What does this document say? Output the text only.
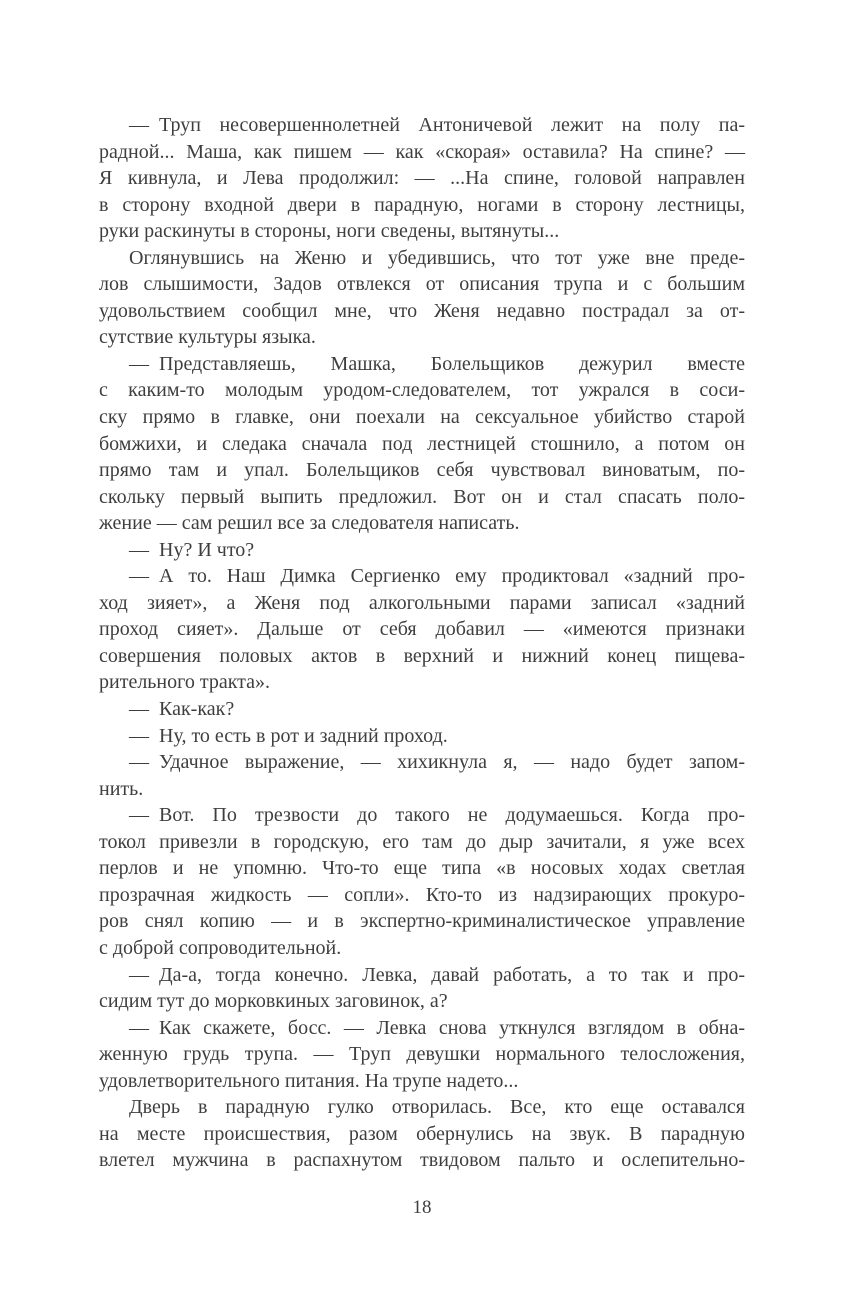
— Труп несовершеннолетней Антоничевой лежит на полу па-
радной... Маша, как пишем — как «скорая» оставила? На спине? —
Я кивнула, и Лева продолжил: — ...На спине, головой направлен
в сторону входной двери в парадную, ногами в сторону лестницы,
руки раскинуты в стороны, ноги сведены, вытянуты...
Оглянувшись на Женю и убедившись, что тот уже вне преде-
лов слышимости, Задов отвлекся от описания трупа и с большим
удовольствием сообщил мне, что Женя недавно пострадал за от-
сутствие культуры языка.
— Представляешь, Машка, Болельщиков дежурил вместе
с каким-то молодым уродом-следователем, тот ужрался в соси-
ску прямо в главке, они поехали на сексуальное убийство старой
бомжихи, и следака сначала под лестницей стошнило, а потом он
прямо там и упал. Болельщиков себя чувствовал виноватым, по-
скольку первый выпить предложил. Вот он и стал спасать поло-
жение — сам решил все за следователя написать.
— Ну? И что?
— А то. Наш Димка Сергиенко ему продиктовал «задний про-
ход зияет», а Женя под алкогольными парами записал «задний
проход сияет». Дальше от себя добавил — «имеются признаки
совершения половых актов в верхний и нижний конец пищева-
рительного тракта».
— Как-как?
— Ну, то есть в рот и задний проход.
— Удачное выражение, — хихикнула я, — надо будет запом-
нить.
— Вот. По трезвости до такого не додумаешься. Когда про-
токол привезли в городскую, его там до дыр зачитали, я уже всех
перлов и не упомню. Что-то еще типа «в носовых ходах светлая
прозрачная жидкость — сопли». Кто-то из надзирающих прокуро-
ров снял копию — и в экспертно-криминалистическое управление
с доброй сопроводительной.
— Да-а, тогда конечно. Левка, давай работать, а то так и про-
сидим тут до морковкиных заговинок, а?
— Как скажете, босс. — Левка снова уткнулся взглядом в обна-
женную грудь трупа. — Труп девушки нормального телосложения,
удовлетворительного питания. На трупе надето...
Дверь в парадную гулко отворилась. Все, кто еще оставался
на месте происшествия, разом обернулись на звук. В парадную
влетел мужчина в распахнутом твидовом пальто и ослепительно-
18
